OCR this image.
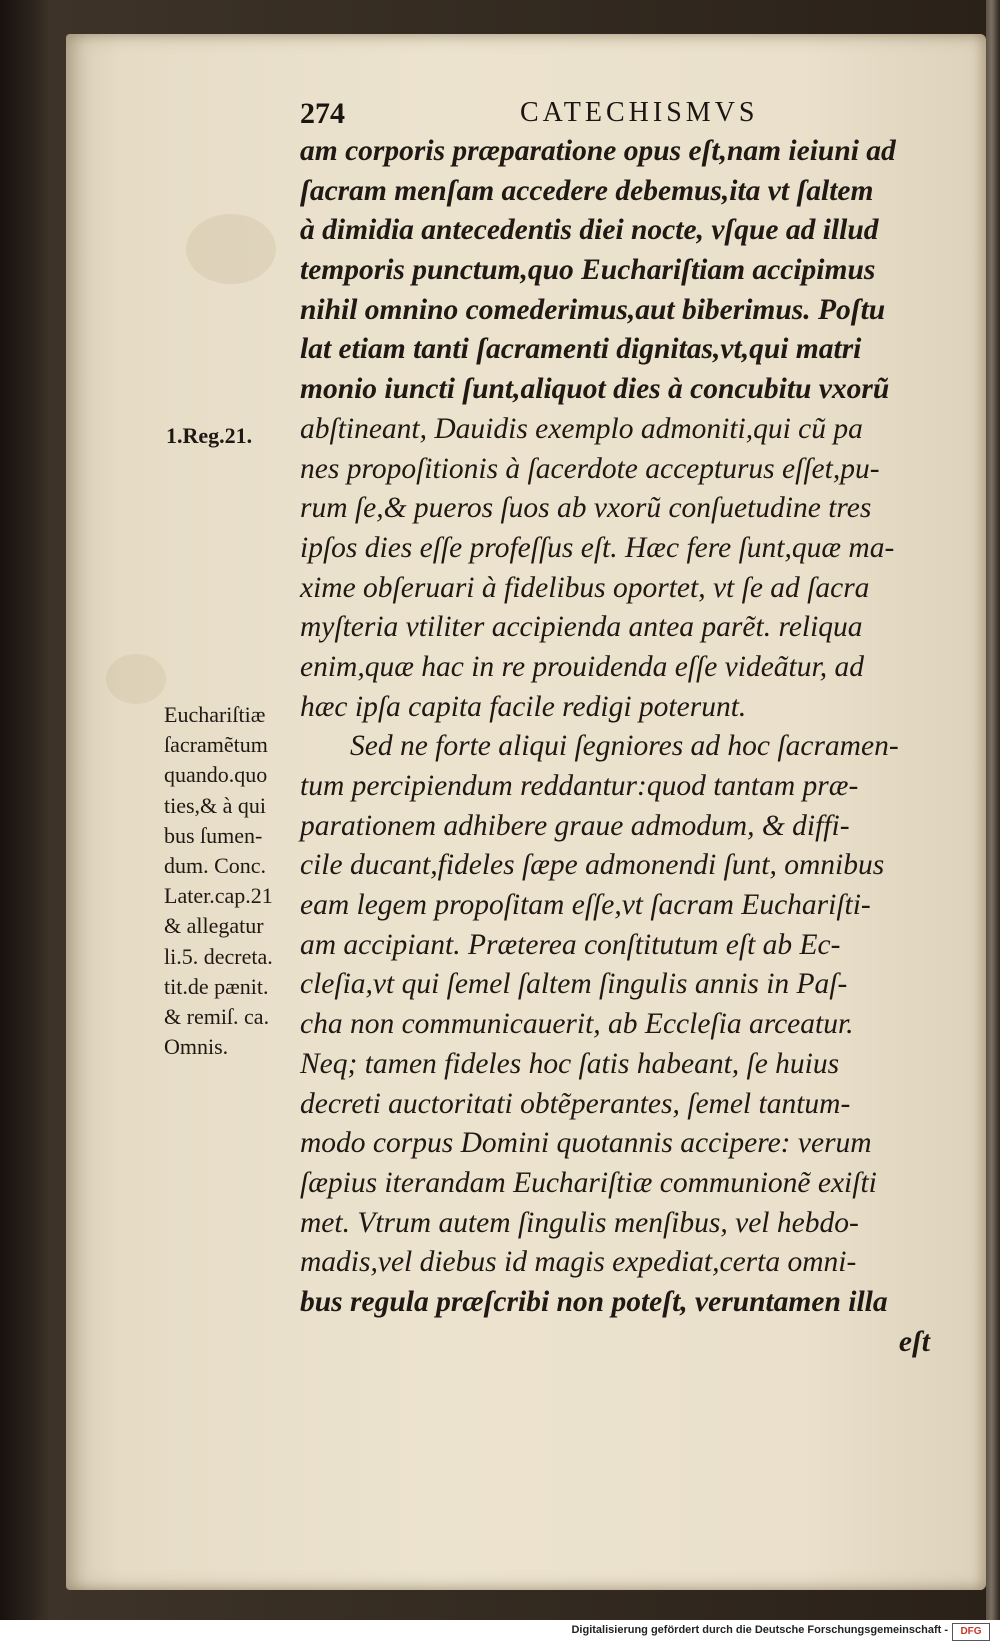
274	CATECHISMVS
1.Reg.21.
Euchariſtiæ
ſacramẽtum
quando.quo
ties,& à qui
bus ſumen-
dum. Conc.
Later.cap.21
& allegatur
li.5. decreta.
tit.de pænit.
& remiſ. ca.
Omnis.
am corporis præparatione opus eſt,nam ieiuni ad
ſacram menſam accedere debemus,ita vt ſaltem
à dimidia antecedentis diei nocte, vſque ad illud
temporis punctum,quo Euchariſtiam accipimus
nihil omnino comederimus,aut biberimus. Poſtu
lat etiam tanti ſacramenti dignitas,vt,qui matri
monio iuncti ſunt,aliquot dies à concubitu vxorũ
abſtineant, Dauidis exemplo admoniti,qui cũ pa
nes propoſitionis à ſacerdote accepturus eſſet,pu-
rum ſe,& pueros ſuos ab vxorũ conſuetudine tres
ipſos dies eſſe profeſſus eſt. Hæc fere ſunt,quæ ma-
xime obſeruari à fidelibus oportet, vt ſe ad ſacra
myſteria vtiliter accipienda antea parẽt. reliqua
enim,quæ hac in re prouidenda eſſe videãtur, ad
hæc ipſa capita facile redigi poterunt.
Sed ne forte aliqui ſegniores ad hoc ſacramen-
tum percipiendum reddantur:quod tantam præ-
parationem adhibere graue admodum, & diffi-
cile ducant,fideles ſæpe admonendi ſunt, omnibus
eam legem propoſitam eſſe,vt ſacram Euchariſti-
am accipiant. Præterea conſtitutum eſt ab Ec-
cleſia,vt qui ſemel ſaltem ſingulis annis in Paſ-
cha non communicauerit, ab Eccleſia arceatur.
Neq; tamen fideles hoc ſatis habeant, ſe huius
decreti auctoritati obtẽperantes, ſemel tantum-
modo corpus Domini quotannis accipere: verum
ſæpius iterandam Euchariſtiæ communionẽ exiſti
met. Vtrum autem ſingulis menſibus, vel hebdo-
madis,vel diebus id magis expediat,certa omni-
bus regula præſcribi non poteſt, veruntamen illa
eſt
Digitalisierung gefördert durch die Deutsche Forschungsgemeinschaft -	DFG
